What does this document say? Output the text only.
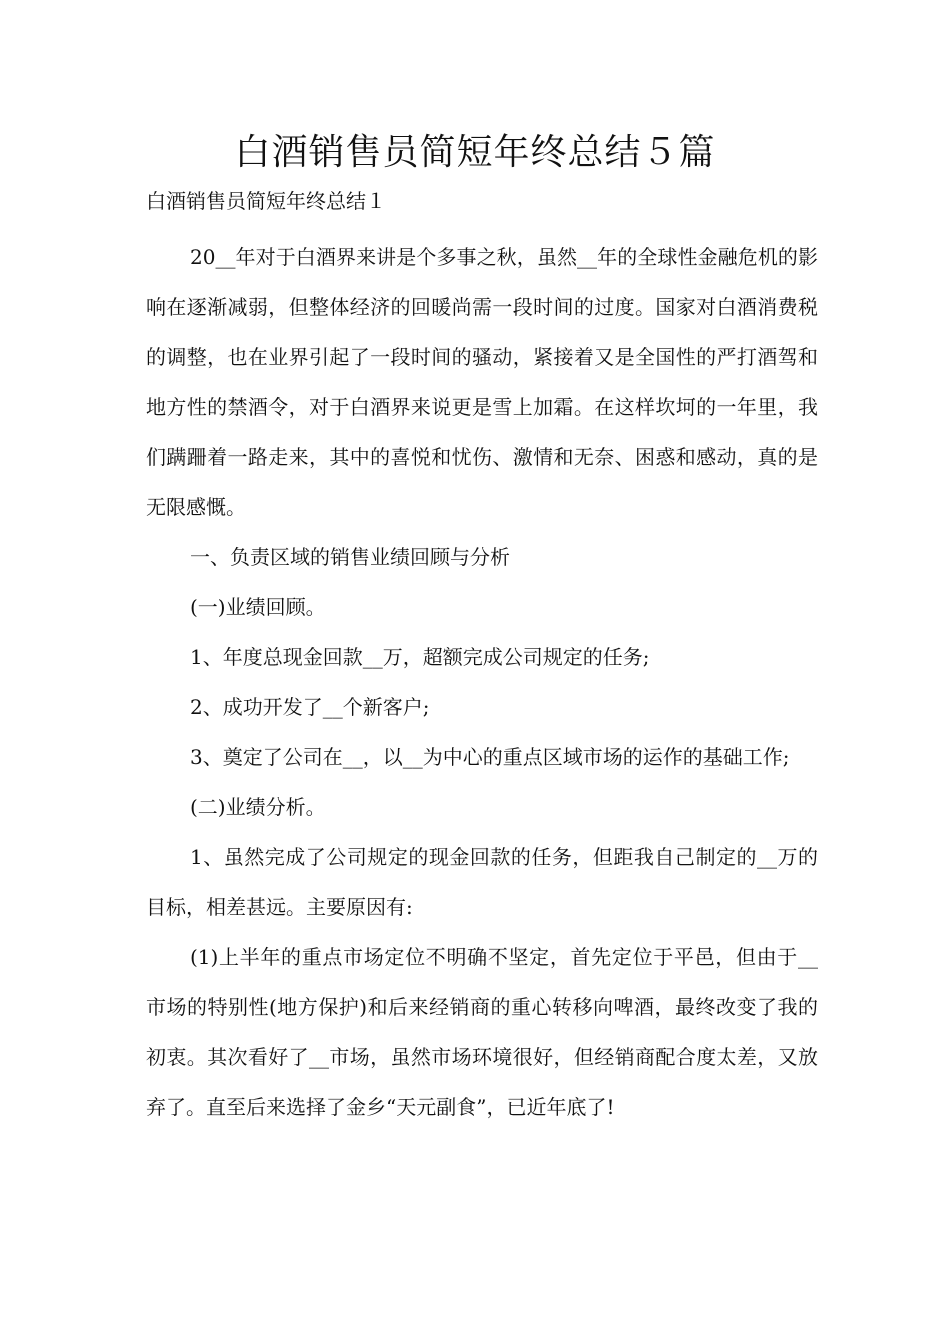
白酒销售员简短年终总结５篇
白酒销售员简短年终总结１

20__年对于白酒界来讲是个多事之秋，虽然__年的全球性金融危机的影响在逐渐减弱，但整体经济的回暖尚需一段时间的过度。国家对白酒消费税的调整，也在业界引起了一段时间的骚动，紧接着又是全国性的严打酒驾和地方性的禁酒令，对于白酒界来说更是雪上加霜。在这样坎坷的一年里，我们蹒跚着一路走来，其中的喜悦和忧伤、激情和无奈、困惑和感动，真的是无限感慨。

一、负责区域的销售业绩回顾与分析

(一)业绩回顾。

1、年度总现金回款__万，超额完成公司规定的任务;

2、成功开发了__个新客户;

3、奠定了公司在__，以__为中心的重点区域市场的运作的基础工作;

(二)业绩分析。

1、虽然完成了公司规定的现金回款的任务，但距我自己制定的__万的目标，相差甚远。主要原因有:

(1)上半年的重点市场定位不明确不坚定，首先定位于平邑，但由于__市场的特别性(地方保护)和后来经销商的重心转移向啤酒，最终改变了我的初衷。其次看好了__市场，虽然市场环境很好，但经销商配合度太差，又放弃了。直至后来选择了金乡“天元副食”，已近年底了!
